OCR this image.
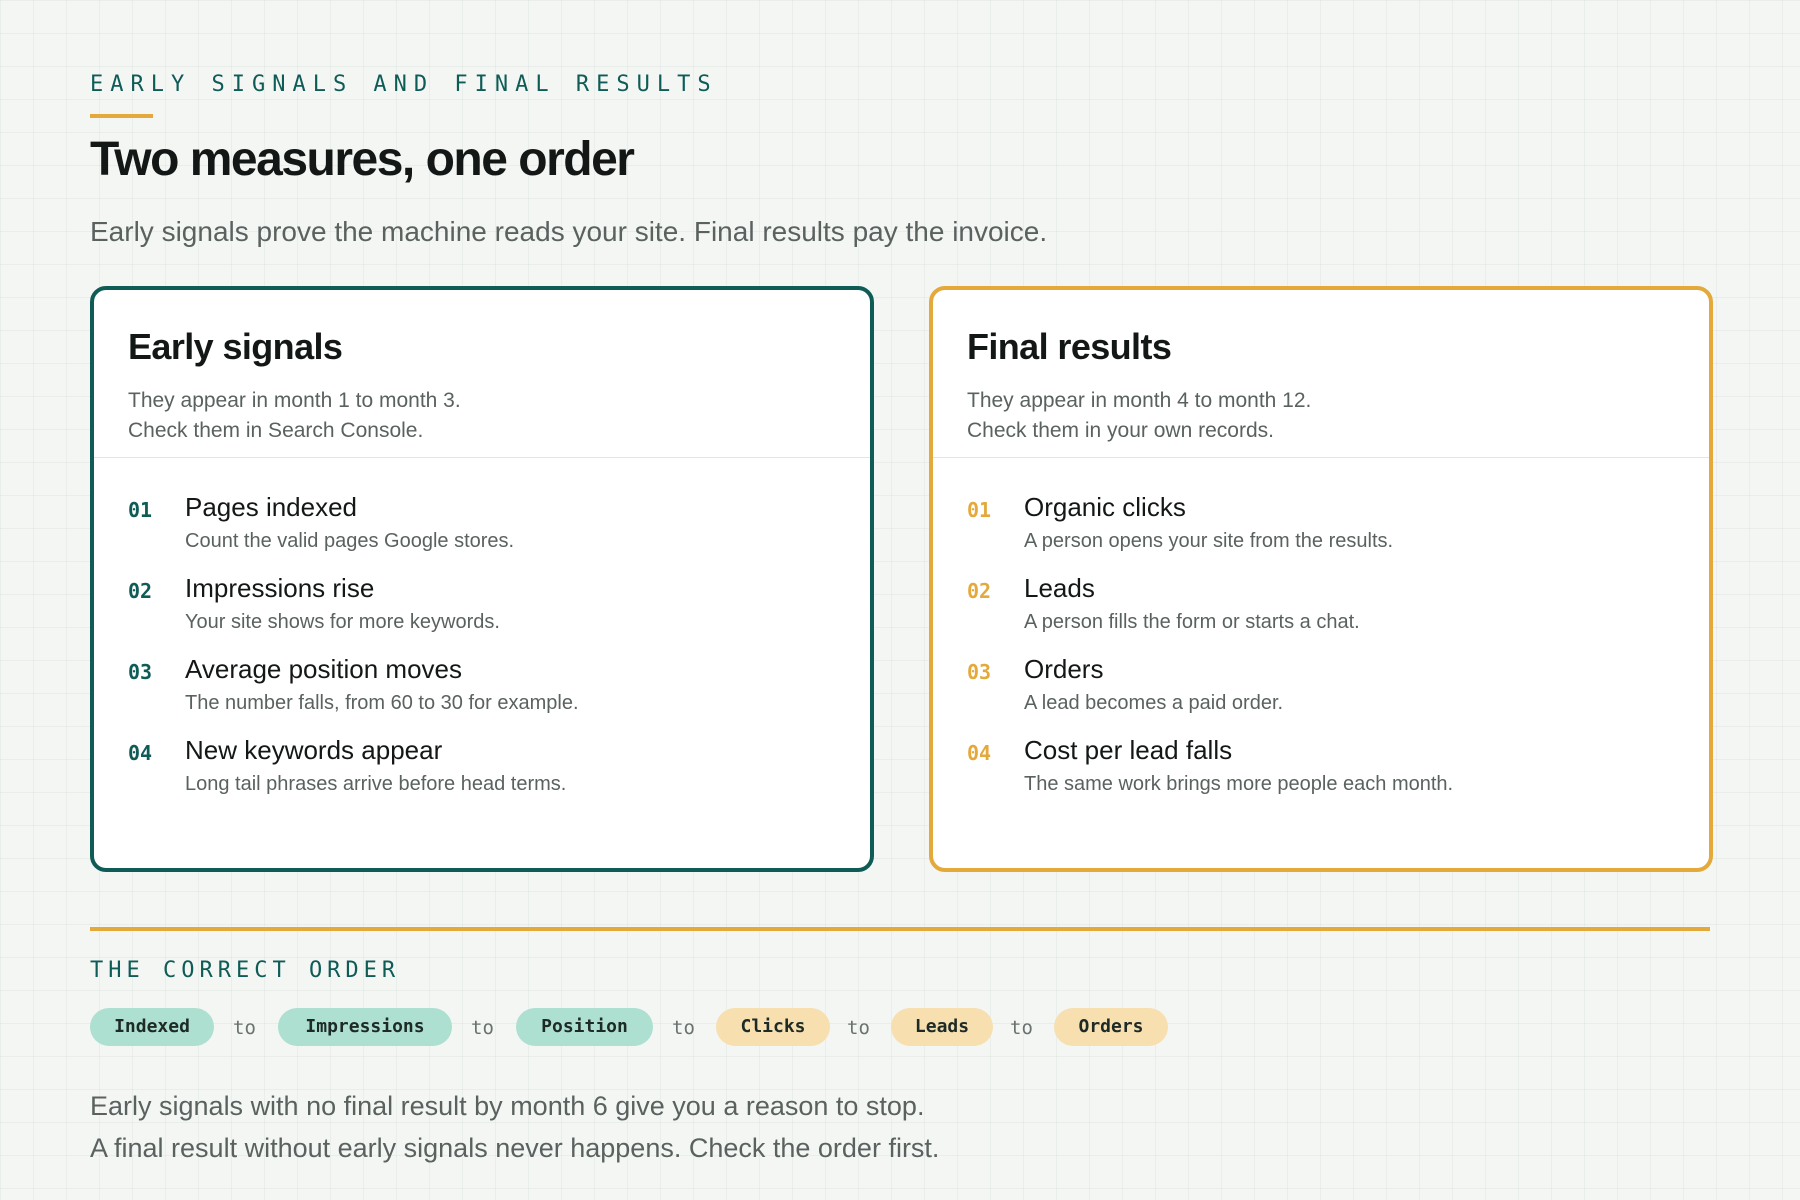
EARLY SIGNALS AND FINAL RESULTS
Two measures, one order

Early signals prove the machine reads your site. Final results pay the invoice.

Early signals
They appear in month 1 to month 3.
Check them in Search Console.
01 Pages indexed
Count the valid pages Google stores.
02 Impressions rise
Your site shows for more keywords.
03 Average position moves
The number falls, from 60 to 30 for example.
04 New keywords appear
Long tail phrases arrive before head terms.
Final results
They appear in month 4 to month 12.
Check them in your own records.
01 Organic clicks
A person opens your site from the results.
02 Leads
A person fills the form or starts a chat.
03 Orders
A lead becomes a paid order.
04 Cost per lead falls
The same work brings more people each month.
THE CORRECT ORDER
Indexed	to	Impressions	to	Position	to	Clicks	to	Leads	to	Orders
Early signals with no final result by month 6 give you a reason to stop.
A final result without early signals never happens. Check the order first.
